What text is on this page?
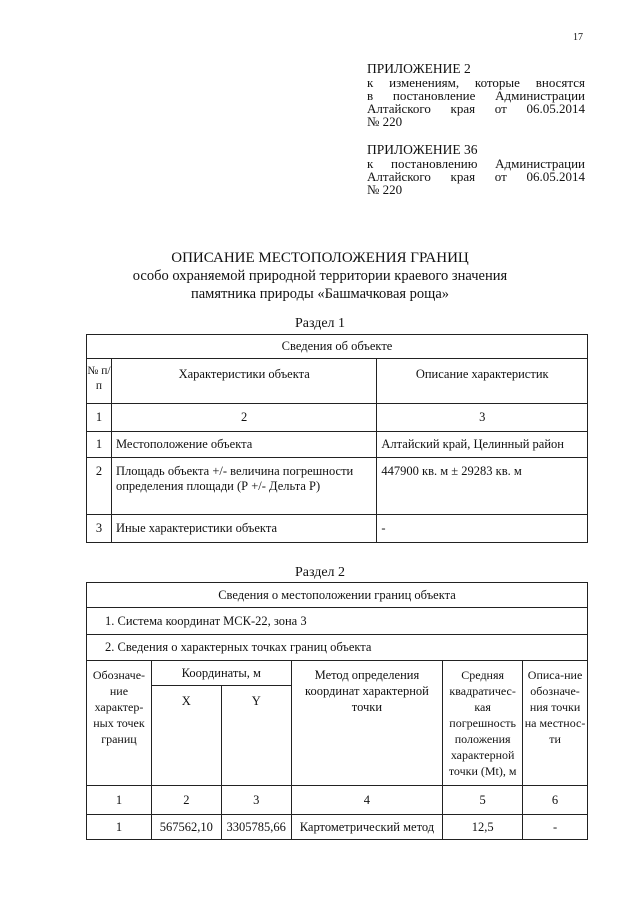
17
ПРИЛОЖЕНИЕ 2
к изменениям, которые вносятся
в постановление Администрации
Алтайского края от 06.05.2014
№ 220
ПРИЛОЖЕНИЕ 36
к постановлению Администрации
Алтайского края от 06.05.2014
№ 220
ОПИСАНИЕ МЕСТОПОЛОЖЕНИЯ ГРАНИЦ
особо охраняемой природной территории краевого значения
памятника природы «Башмачковая роща»
Раздел 1
Сведения об объекте		
№ п/п	Характеристики объекта	Описание характеристик
1	2	3
1	Местоположение объекта	Алтайский край, Целинный район
2	Площадь объекта +/- величина погрешности определения площади (Р +/- Дельта Р)	447900 кв. м ± 29283 кв. м
3	Иные характеристики объекта	-
Раздел 2
Сведения о местоположении границ объекта					
1. Система координат МСК-22, зона 3					
2. Сведения о характерных точках границ объекта					
Обозначе-ние характер-ных точек границ	Координаты, м		Метод определения координат характерной точки	Средняя квадратичес-кая погрешность положения характерной точки (Mt), м	Описа-ние обозначе-ния точки на местнос-ти
	X	Y			
1	2	3	4	5	6
1	567562,10	3305785,66	Картометрический метод	12,5	-
